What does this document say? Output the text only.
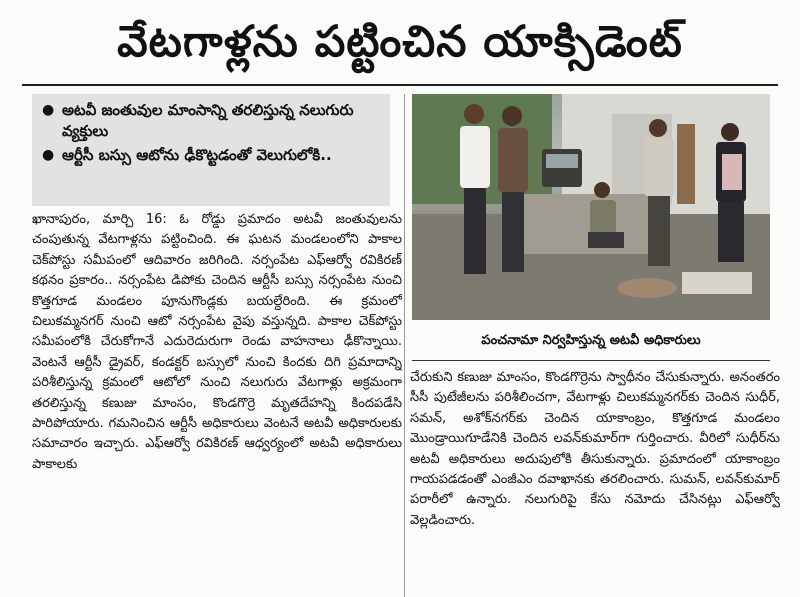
వేటగాళ్లను పట్టించిన యాక్సిడెంట్
● అటవీ జంతువుల మాంసాన్ని తరలిస్తున్న నలుగురు వ్యక్తులు
● ఆర్టీసీ బస్సు ఆటోను ఢీకొట్టడంతో వెలుగులోకి..
పంచనామా నిర్వహిస్తున్న అటవీ అధికారులు
ఖానాపురం, మార్చి 16: ఓ రోడ్డు ప్రమాదం అటవీ జంతువులను చంపుతున్న వేటగాళ్లను పట్టించింది. ఈ ఘటన మండలంలోని పాకాల చెక్‌పోస్టు సమీపంలో ఆదివారం జరిగింది. నర్సంపేట ఎఫ్‌ఆర్వో రవికిరణ్ కథనం ప్రకారం.. నర్సంపేట డిపోకు చెందిన ఆర్టీసీ బస్సు నర్సంపేట నుంచి కొత్తగూడ మండలం పూనుగొండ్లకు బయల్దేరింది. ఈ క్రమంలో చిలుకమ్మనగర్ నుంచి ఆటో నర్సంపేట వైపు వస్తున్నది. పాకాల చెక్‌పోస్టు సమీపంలోకి చేరుకోగానే ఎదురెదురుగా రెండు వాహనాలు ఢీకొన్నాయి. వెంటనే ఆర్టీసీ డ్రైవర్, కండక్టర్ బస్సులో నుంచి కిందకు దిగి ప్రమాదాన్ని పరిశీలిస్తున్న క్రమంలో ఆటోలో నుంచి నలుగురు వేటగాళ్లు అక్రమంగా తరలిస్తున్న కణుజు మాంసం, కొండగొర్రె మృతదేహన్ని కిందపడేసి పారిపోయారు. గమనించిన ఆర్టీసీ అధికారులు వెంటనే అటవీ అధికారులకు సమాచారం ఇచ్చారు. ఎఫ్‌ఆర్వో రవికిరణ్ ఆధ్వర్యంలో అటవీ అధికారులు పాకాలకు
చేరుకుని కణుజు మాంసం, కొండగొర్రెను స్వాధీనం చేసుకున్నారు. అనంతరం సీసీ పుటేజీలను పరిశీలించగా, వేటగాళ్లు చిలుకమ్మనగర్‌కు చెందిన సుధీర్, సమన్, అశోక్‌నగర్‌కు చెందిన యాకాంబ్రం, కొత్తగూడ మండలం మొండ్రాయిగూడేనికి చెందిన లవన్‌కుమార్‌గా గుర్తించారు. వీరిలో సుధీర్‌ను అటవీ అధికారులు అదుపులోకి తీసుకున్నారు. ప్రమాదంలో యాకాంబ్రం గాయపడడంతో ఎంజీఎం దవాఖానకు తరలించారు. సుమన్, లవన్‌కుమార్ పరారీలో ఉన్నారు. నలుగురిపై కేసు నమోదు చేసినట్లు ఎఫ్‌ఆర్వో వెల్లడించారు.
